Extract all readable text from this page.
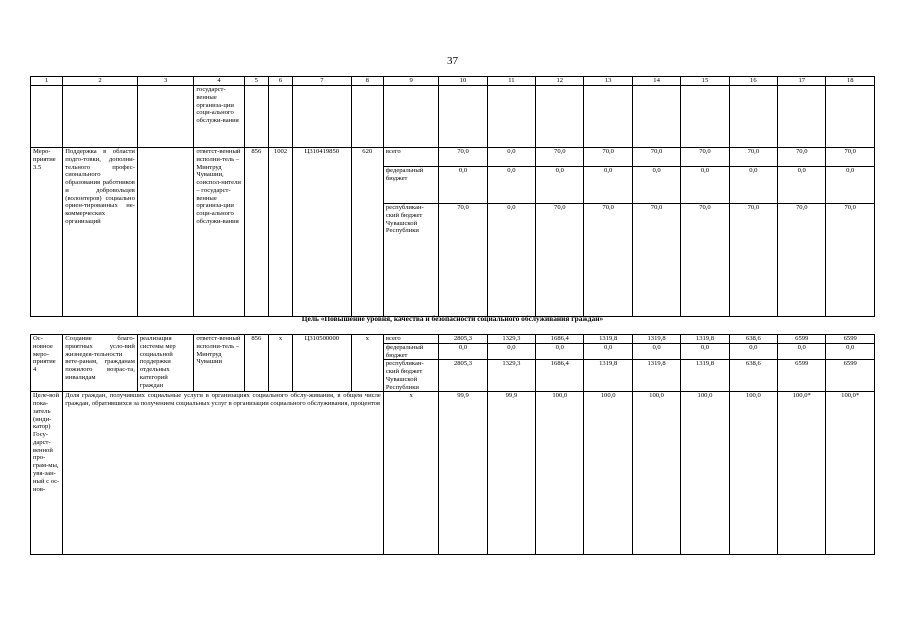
37
1	2	3	4	5	6	7	8	9	10	11	12	13	14	15	16	17	18
			государст-венные организа-ции соци-ального обслужи-вания														
Меро-приятие 3.5	Поддержка в области подго-товки, дополни-тельного профес-сионального образования работников и добровольцев (волонтеров) социально ориен-тированных не-коммерческих организаций		ответст-венный исполни-тель – Минтруд Чувашии, соиспол-нители – государст-венные организа-ции соци-ального обслужи-вания	856	1002	Ц310419850	620	всего	70,0	0,0	70,0	70,0	70,0	70,0	70,0	70,0	70,0
								федеральный бюджет	0,0	0,0	0,0	0,0	0,0	0,0	0,0	0,0	0,0
								республикан-ский бюджет Чувашской Республики	70,0	0,0	70,0	70,0	70,0	70,0	70,0	70,0	70,0
Цель «Повышение уровня, качества и безопасности социального обслуживания граждан»
Ос-новное меро-приятие 4	Создание благо-приятных усло-вий жизнедея-тельности вете-ранам, гражданам пожилого возрас-та, инвалидам	реализация системы мер социальной поддержки отдельных категорий граждан	ответст-венный исполни-тель – Минтруд Чувашии	856	х	Ц310500000	х	всего	2805,3	1329,3	1686,4	1319,8	1319,8	1319,8	638,6	6599	6599
								федеральный бюджет	0,0	0,0	0,0	0,0	0,0	0,0	0,0	0,0	0,0
								республикан-ский бюджет Чувашской Республики	2805,3	1329,3	1686,4	1319,8	1319,8	1319,8	638,6	6599	6599
Целе-вой пока-затель (инди-катор) Госу-дарст-венной про-грам-мы, увя-зан-ный с ос-нов-	Доля граждан, получивших социальные услуги в организациях социального обслу-живания, в общем числе граждан, обратившихся за получением социальных услуг в организации социального обслуживания, процентов							х	99,9	99,9	100,0	100,0	100,0	100,0	100,0	100,0*	100,0*
